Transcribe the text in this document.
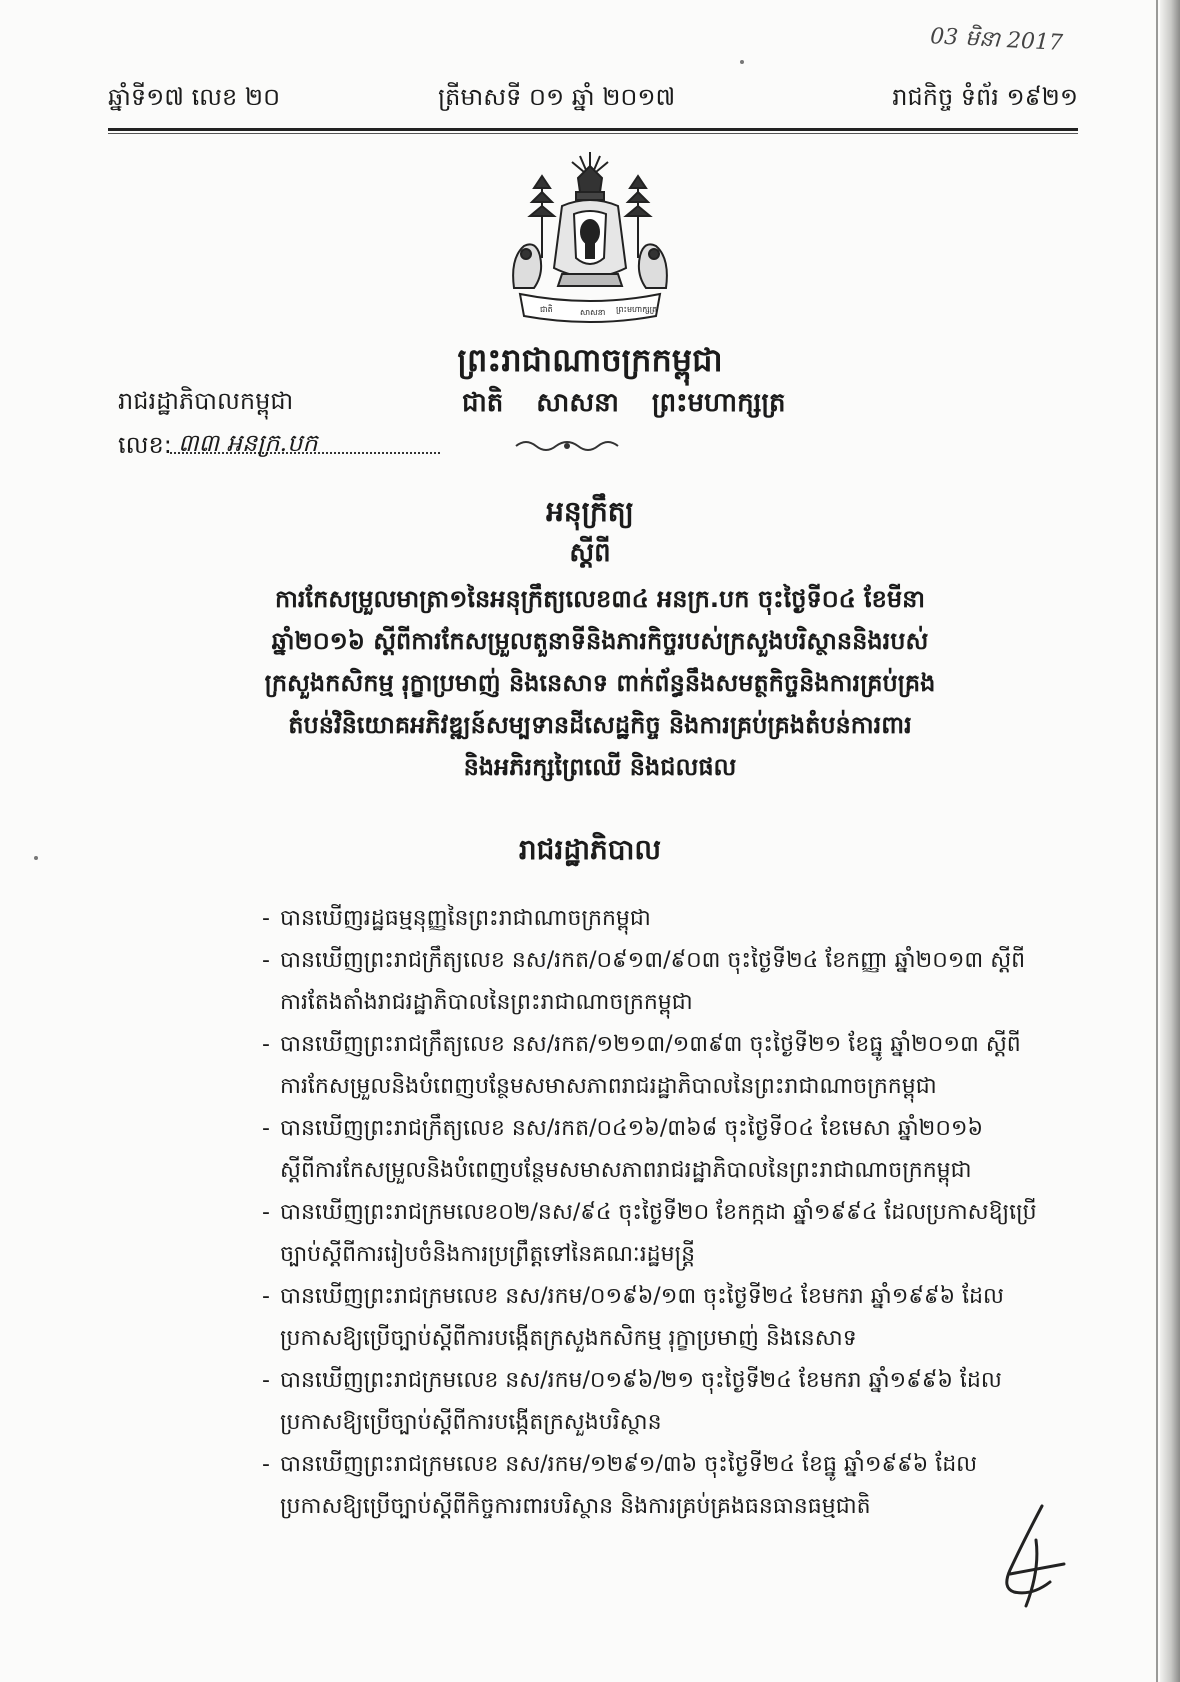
03 មិនា 2017
ឆ្នាំទី១៧ លេខ ២០	ត្រីមាសទី ០១ ឆ្នាំ ២០១៧	រាជកិច្ច ទំព័រ ១៩២១
ជាតិ	សាសនា ព្រះមហាក្សត្រ
ព្រះរាជាណាចក្រកម្ពុជា
រាជរដ្ឋាភិបាលកម្ពុជា	ជាតិ សាសនា ព្រះមហាក្សត្រ
លេខ: ៣៣ អនក្រ.បក
អនុក្រឹត្យ
ស្តីពី
ការកែសម្រួលមាត្រា១នៃអនុក្រឹត្យលេខ៣៤ អនក្រ.បក ចុះថ្ងៃទី០៤ ខែមីនា
ឆ្នាំ២០១៦ ស្តីពីការកែសម្រួលតួនាទីនិងភារកិច្ចរបស់ក្រសួងបរិស្ថាននិងរបស់
ក្រសួងកសិកម្ម រុក្ខាប្រមាញ់ និងនេសាទ ពាក់ព័ន្ធនឹងសមត្ថកិច្ចនិងការគ្រប់គ្រង
តំបន់វិនិយោគអភិវឌ្ឍន៍សម្បទានដីសេដ្ឋកិច្ច និងការគ្រប់គ្រងតំបន់ការពារ
និងអភិរក្សព្រៃឈើ និងជលផល
រាជរដ្ឋាភិបាល
- បានឃើញរដ្ឋធម្មនុញ្ញនៃព្រះរាជាណាចក្រកម្ពុជា
- បានឃើញព្រះរាជក្រឹត្យលេខ នស/រកត/០៩១៣/៩០៣ ចុះថ្ងៃទី២៤ ខែកញ្ញា ឆ្នាំ២០១៣ ស្តីពី
ការតែងតាំងរាជរដ្ឋាភិបាលនៃព្រះរាជាណាចក្រកម្ពុជា
- បានឃើញព្រះរាជក្រឹត្យលេខ នស/រកត/១២១៣/១៣៩៣ ចុះថ្ងៃទី២១ ខែធ្នូ ឆ្នាំ២០១៣ ស្តីពី
ការកែសម្រួលនិងបំពេញបន្ថែមសមាសភាពរាជរដ្ឋាភិបាលនៃព្រះរាជាណាចក្រកម្ពុជា
- បានឃើញព្រះរាជក្រឹត្យលេខ នស/រកត/០៤១៦/៣៦៨ ចុះថ្ងៃទី០៤ ខែមេសា ឆ្នាំ២០១៦
ស្តីពីការកែសម្រួលនិងបំពេញបន្ថែមសមាសភាពរាជរដ្ឋាភិបាលនៃព្រះរាជាណាចក្រកម្ពុជា
- បានឃើញព្រះរាជក្រមលេខ០២/នស/៩៤ ចុះថ្ងៃទី២០ ខែកក្កដា ឆ្នាំ១៩៩៤ ដែលប្រកាសឱ្យប្រើ
ច្បាប់ស្តីពីការរៀបចំនិងការប្រព្រឹត្តទៅនៃគណៈរដ្ឋមន្ត្រី
- បានឃើញព្រះរាជក្រមលេខ នស/រកម/០១៩៦/១៣ ចុះថ្ងៃទី២៤ ខែមករា ឆ្នាំ១៩៩៦ ដែល
ប្រកាសឱ្យប្រើច្បាប់ស្តីពីការបង្កើតក្រសួងកសិកម្ម រុក្ខាប្រមាញ់ និងនេសាទ
- បានឃើញព្រះរាជក្រមលេខ នស/រកម/០១៩៦/២១ ចុះថ្ងៃទី២៤ ខែមករា ឆ្នាំ១៩៩៦ ដែល
ប្រកាសឱ្យប្រើច្បាប់ស្តីពីការបង្កើតក្រសួងបរិស្ថាន
- បានឃើញព្រះរាជក្រមលេខ នស/រកម/១២៩១/៣៦ ចុះថ្ងៃទី២៤ ខែធ្នូ ឆ្នាំ១៩៩៦ ដែល
ប្រកាសឱ្យប្រើច្បាប់ស្តីពីកិច្ចការពារបរិស្ថាន និងការគ្រប់គ្រងធនធានធម្មជាតិ
